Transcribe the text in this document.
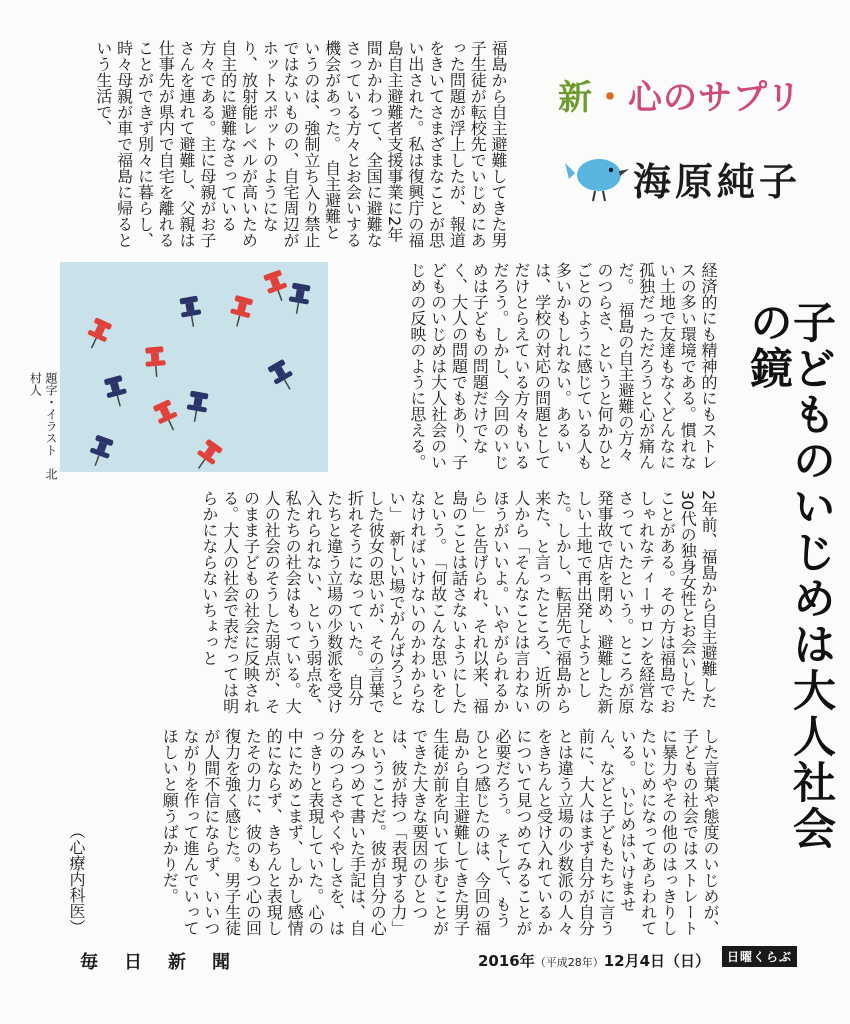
新・心のサプリ

海原純子

子どものいじめは大人社会の鏡

福島から自主避難してきた男子生徒が転校先でいじめにあった問題が浮上したが、報道をきいてさまざまなことが思い出された。私は復興庁の福島自主避難者支援事業に2年間かかわって、全国に避難なさっている方々とお会いする機会があった。　自主避難というのは、強制立ち入り禁止ではないものの、自宅周辺がホットスポットのようになり、放射能レベルが高いため自主的に避難なさっている方々である。主に母親がお子さんを連れて避難し、父親は仕事先が県内で自宅を離れることができず別々に暮らし、時々母親が車で福島に帰るという生活で、

経済的にも精神的にもストレスの多い環境である。慣れない土地で友達もなくどんなに孤独だっただろうと心が痛んだ。　福島の自主避難の方々のつらさ、というと何かひとごとのように感じている人も多いかもしれない。あるいは、学校の対応の問題としてだけとらえている方々もいるだろう。しかし、今回のいじめは子どもの問題だけでなく、大人の問題でもあり、子どものいじめは大人社会のいじめの反映のように思える。

2年前、福島から自主避難した30代の独身女性とお会いしたことがある。その方は福島でおしゃれなティーサロンを経営なさっていたという。ところが原発事故で店を閉め、避難した新しい土地で再出発しようとした。しかし、転居先で福島から来た、と言ったところ、近所の人から「そんなことは言わないほうがいいよ。いやがられるから」と告げられ、それ以来、福島のことは話さないようにしたという。　「何故こんな思いをしなければいけないのかわからない」　新しい場でがんばろうとした彼女の思いが、その言葉で折れそうになっていた。　自分たちと違う立場の少数派を受け入れられない、という弱点を、私たちの社会はもっている。大人の社会のそうした弱点が、そのまま子どもの社会に反映される。大人の社会で表だっては明らかにならないちょっと

した言葉や態度のいじめが、子どもの社会ではストレートに暴力やその他のはっきりしたいじめになってあらわれている。　いじめはいけません、などと子どもたちに言う前に、大人はまず自分が自分とは違う立場の少数派の人々をきちんと受け入れているかについて見つめてみることが必要だろう。　そして、もうひとつ感じたのは、今回の福島から自主避難してきた男子生徒が前を向いて歩むことができた大きな要因のひとつは、彼が持つ「表現する力」ということだ。彼が自分の心をみつめて書いた手記は、自分のつらさやくやしさを、はっきりと表現していた。心の中にためこまず、しかし感情的にならず、きちんと表現したその力に、彼のもつ心の回復力を強く感じた。男子生徒が人間不信にならず、いいつながりを作って進んでいってほしいと願うばかりだ。

（心療内科医）

題字・イラスト　北村人

毎日新聞	2016年（平成28年）12月4日（日）	日曜くらぶ
